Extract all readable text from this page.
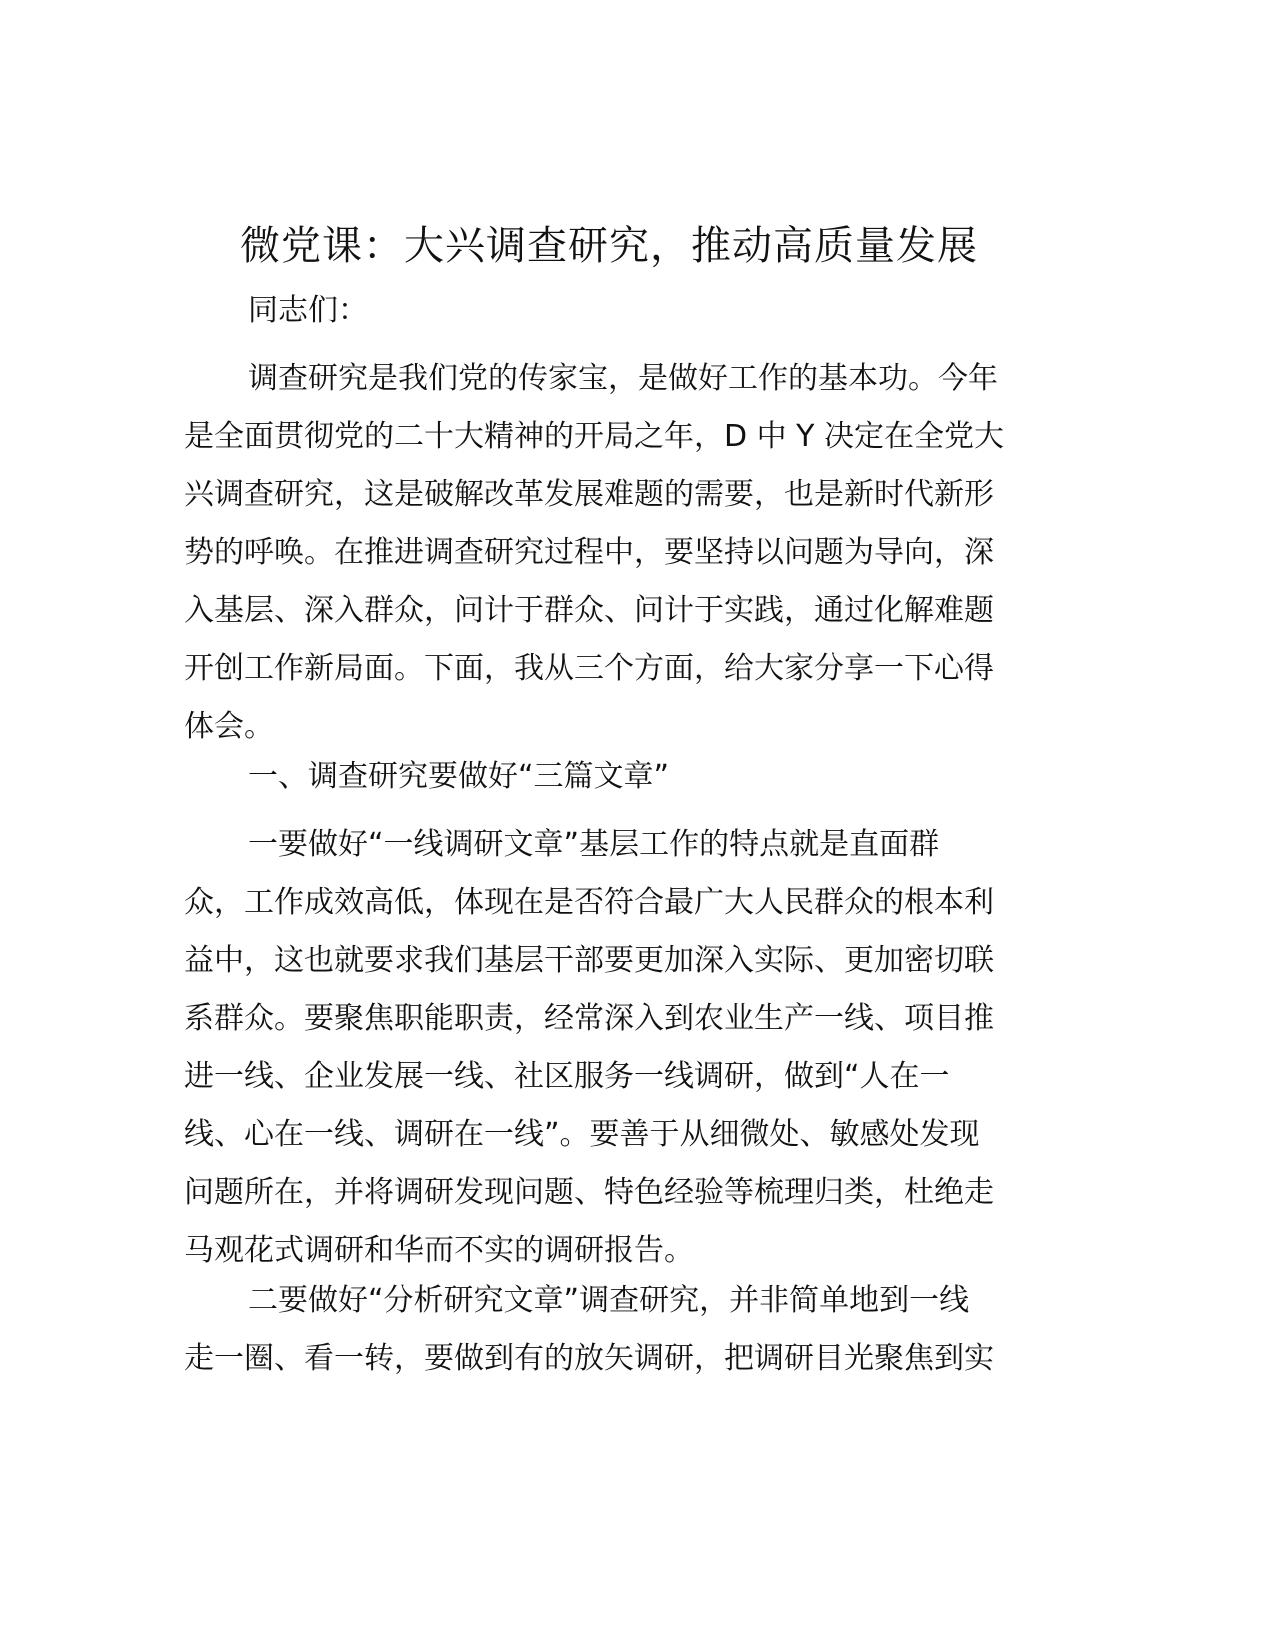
微党课：大兴调查研究，推动高质量发展
同志们：
调查研究是我们党的传家宝，是做好工作的基本功。今年
是全面贯彻党的二十大精神的开局之年，D 中 Y 决定在全党大
兴调查研究，这是破解改革发展难题的需要，也是新时代新形
势的呼唤。在推进调查研究过程中，要坚持以问题为导向，深
入基层、深入群众，问计于群众、问计于实践，通过化解难题
开创工作新局面。下面，我从三个方面，给大家分享一下心得
体会。
一、调查研究要做好“三篇文章”
一要做好“一线调研文章”基层工作的特点就是直面群
众，工作成效高低，体现在是否符合最广大人民群众的根本利
益中，这也就要求我们基层干部要更加深入实际、更加密切联
系群众。要聚焦职能职责，经常深入到农业生产一线、项目推
进一线、企业发展一线、社区服务一线调研，做到“人在一
线、心在一线、调研在一线”。要善于从细微处、敏感处发现
问题所在，并将调研发现问题、特色经验等梳理归类，杜绝走
马观花式调研和华而不实的调研报告。
二要做好“分析研究文章”调查研究，并非简单地到一线
走一圈、看一转，要做到有的放矢调研，把调研目光聚焦到实
